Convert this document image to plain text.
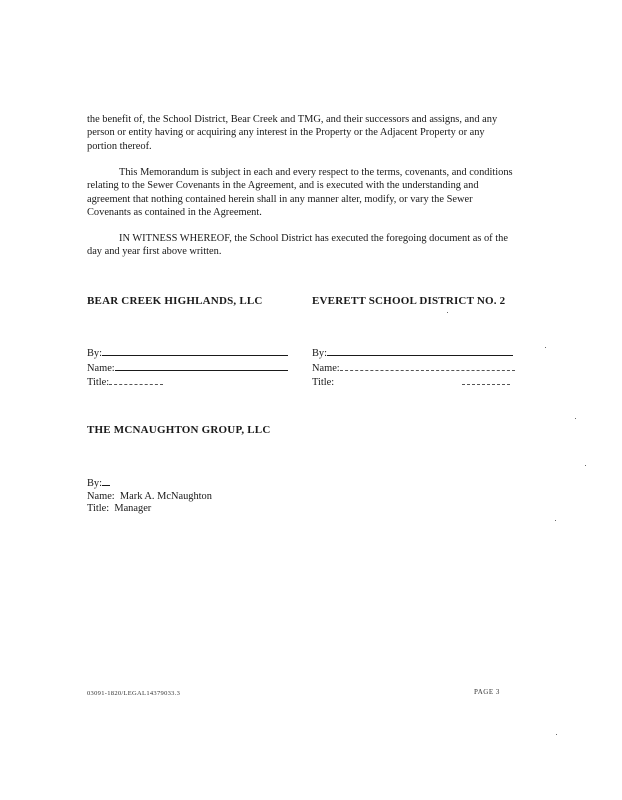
the benefit of, the School District, Bear Creek and TMG, and their successors and assigns, and any person or entity having or acquiring any interest in the Property or the Adjacent Property or any portion thereof.

This Memorandum is subject in each and every respect to the terms, covenants, and conditions relating to the Sewer Covenants in the Agreement, and is executed with the understanding and agreement that nothing contained herein shall in any manner alter, modify, or vary the Sewer Covenants as contained in the Agreement.

IN WITNESS WHEREOF, the School District has executed the foregoing document as of the day and year first above written.

BEAR CREEK HIGHLANDS, LLC	EVERETT SCHOOL DISTRICT NO. 2

By:
Name:
Title:
By:
Name:
Title:

THE MCNAUGHTON GROUP, LLC

By:
Name:  Mark A. McNaughton
Title:  Manager
03091-1820/LEGAL14379033.3	PAGE 3
